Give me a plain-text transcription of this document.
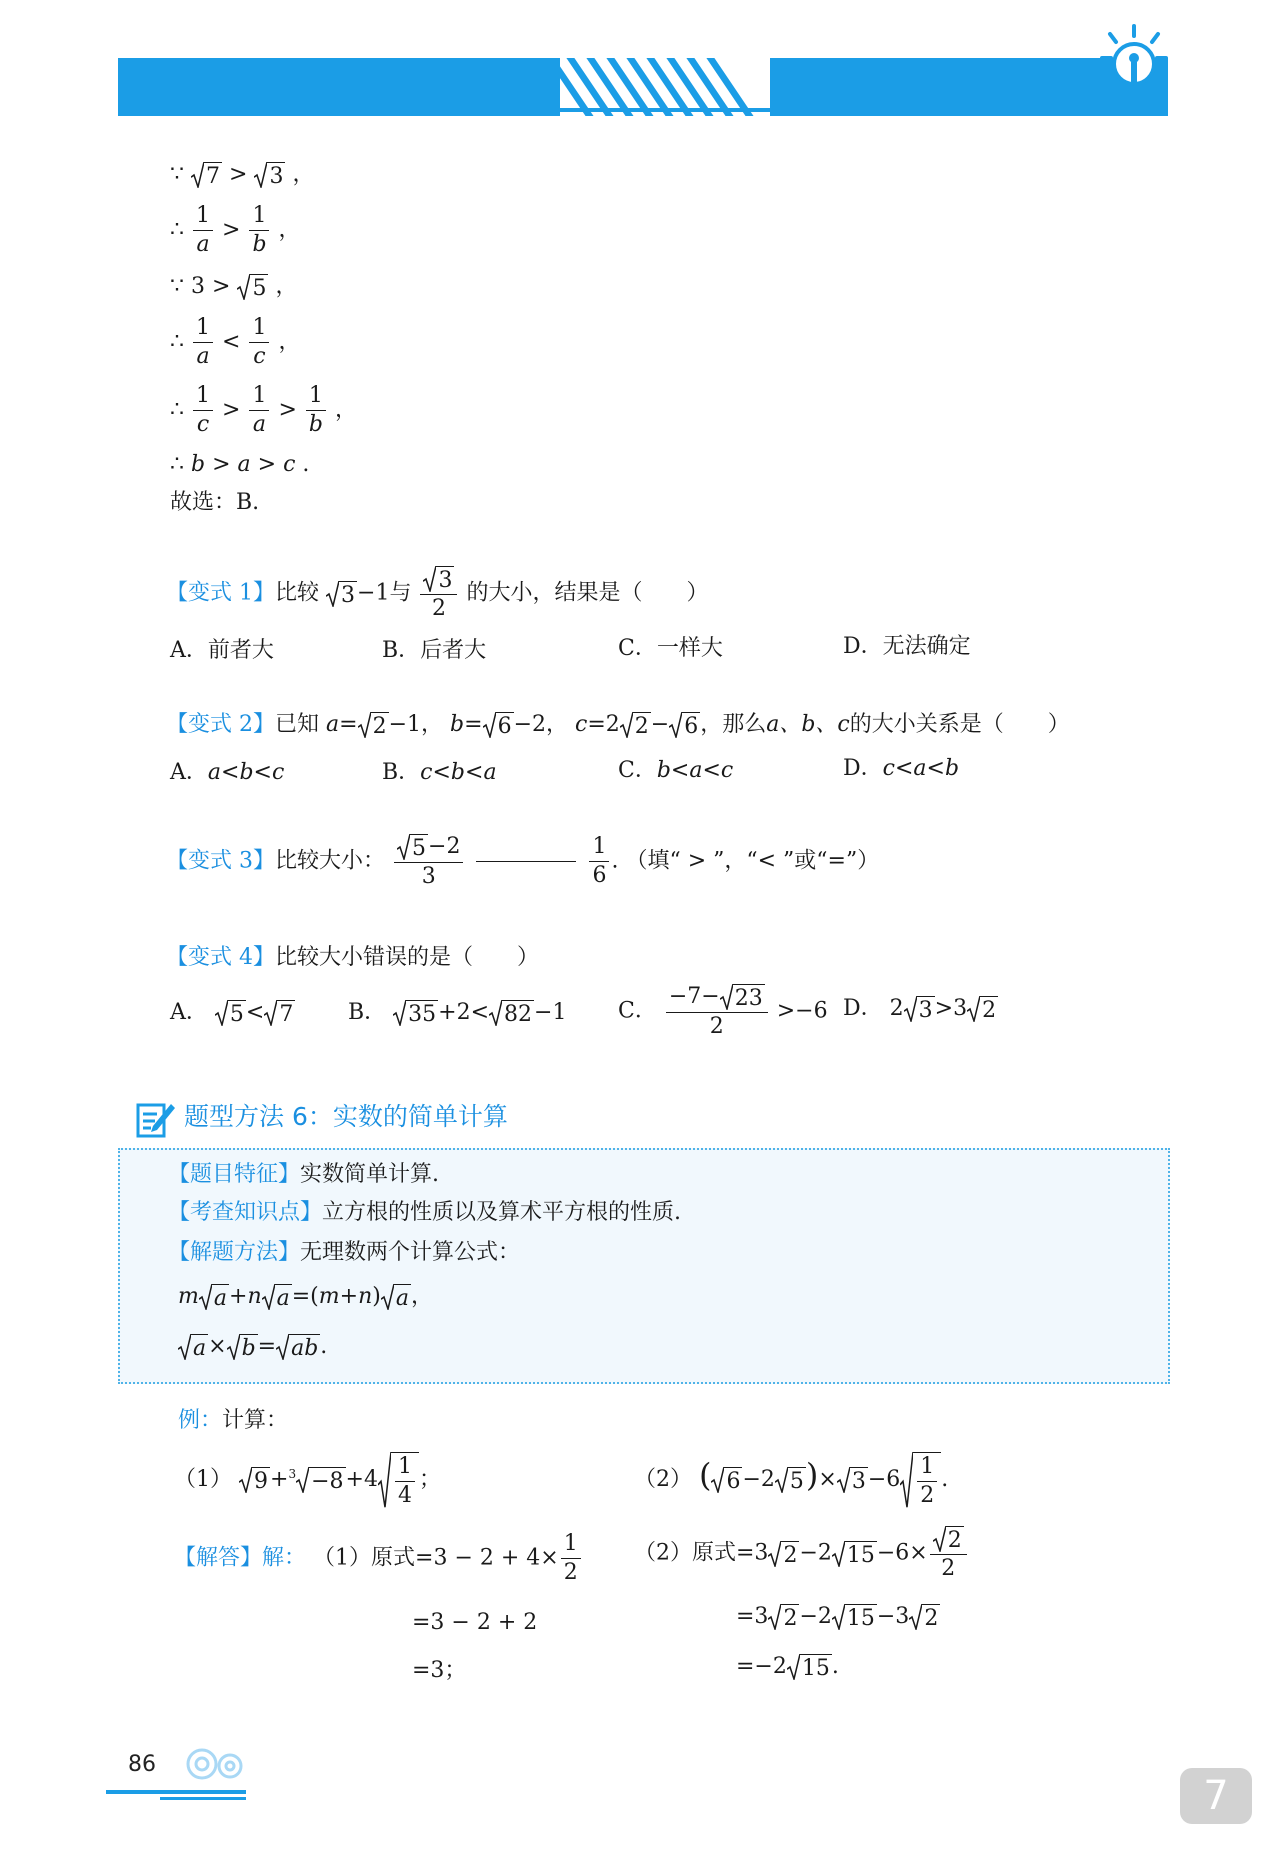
∵ 7 > 3 ，
∴ $\frac{1}{a} > \frac{1}{b}$ ，
∵ 3 > 5 ，
∴ $\frac{1}{a} < \frac{1}{c}$ ，
∴ $\frac{1}{c} > \frac{1}{a} > \frac{1}{b}$ ，
∴ b > a > c .
故选：B.
【变式 1】比较 3 −1与 $\frac{3}{2}$ 的大小，结果是（　　）
A．前者大	B．后者大	C．一样大	D．无法确定
【变式 2】已知 a= 2 −1， b= 6 −2， c=2 2 − 6 ，那么a、b、c的大小关系是（　　）
A．a<b<c	B．c<b<a	C．b<a<c	D．c<a<b
【变式 3】比较大小： $\frac{5 -2}{3}$
	$\frac{1}{6}$ . （填“ > ”，“< ”或“=”）
【变式 4】比较大小错误的是（　　）
A． 5 < 7 B． 35 +2< 82 −1 C． $\frac{-7- 23}{2} >-6$ D． 2 3 >3 2
题型方法 6：实数的简单计算
【题目特征】实数简单计算.
【考查知识点】立方根的性质以及算术平方根的性质.
【解题方法】无理数两个计算公式：
m a +n a =(m+n) a ，
a × b = ab .
例：计算：
（1） $9 +^3 -8 +4 \frac{1}{4}$ ；	（2） ( 6 −2 5 )× $3 -6 \frac{1}{2}$ .
【解答】解： （1）原式$=3 - 2 + 4\times \frac{1}{2}$
=3 − 2 + 2
=3；
（2）原式=3 2 −2 $15 -6\times \frac{2}{2}$
=3 2 −2 15 −3 2
=−2 15 .
86
7
